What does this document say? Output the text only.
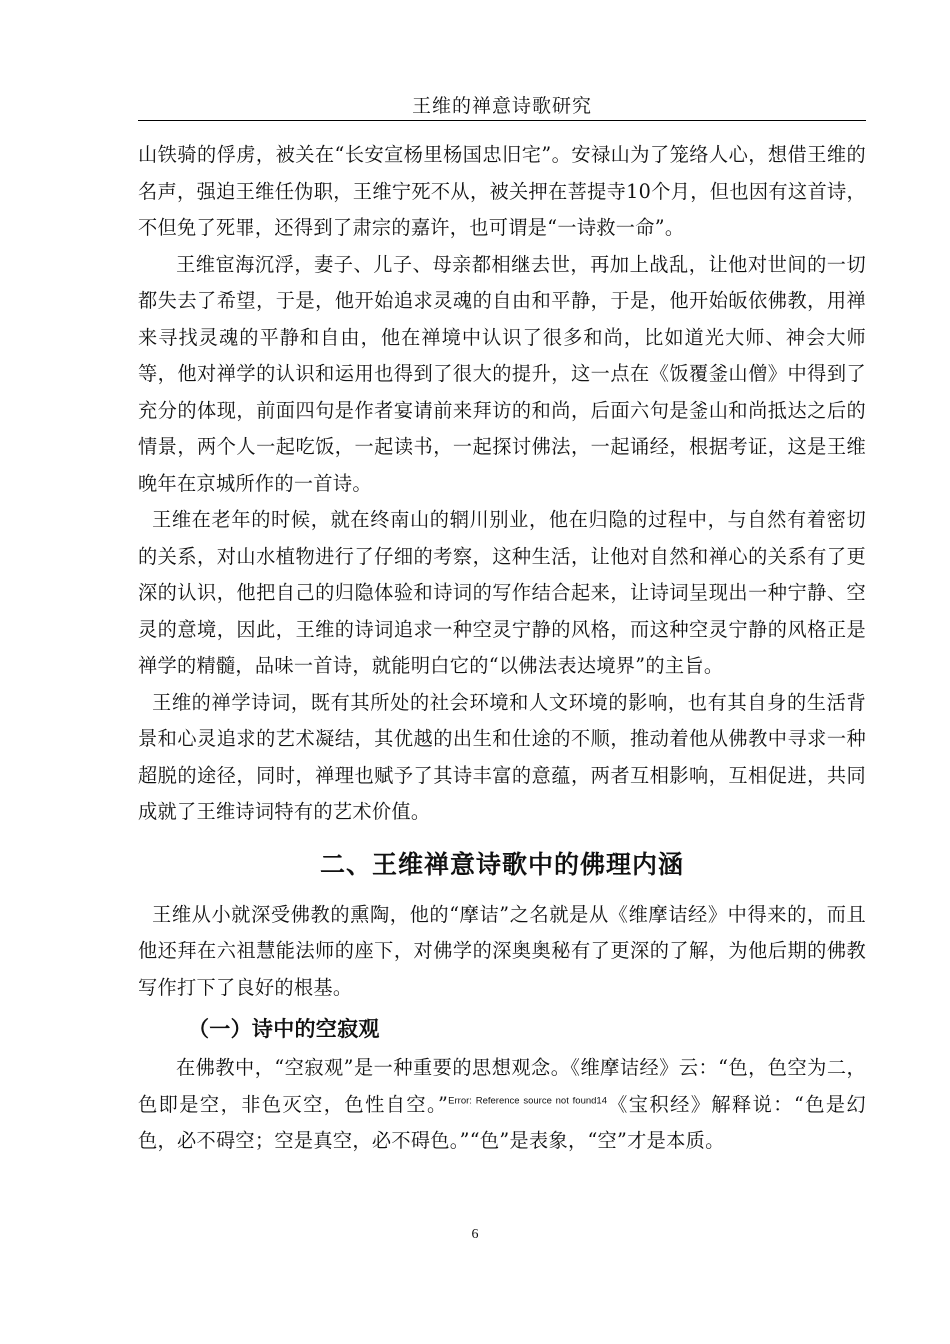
王维的禅意诗歌研究

山铁骑的俘虏，被关在“长安宣杨里杨国忠旧宅”。安禄山为了笼络人心，想借王维的名声，强迫王维任伪职，王维宁死不从，被关押在菩提寺10个月，但也因有这首诗，不但免了死罪，还得到了肃宗的嘉许，也可谓是“一诗救一命”。

王维宦海沉浮，妻子、儿子、母亲都相继去世，再加上战乱，让他对世间的一切都失去了希望，于是，他开始追求灵魂的自由和平静，于是，他开始皈依佛教，用禅来寻找灵魂的平静和自由，他在禅境中认识了很多和尚，比如道光大师、神会大师等，他对禅学的认识和运用也得到了很大的提升，这一点在《饭覆釜山僧》中得到了充分的体现，前面四句是作者宴请前来拜访的和尚，后面六句是釜山和尚抵达之后的情景，两个人一起吃饭，一起读书，一起探讨佛法，一起诵经，根据考证，这是王维晚年在京城所作的一首诗。

王维在老年的时候，就在终南山的辋川别业，他在归隐的过程中，与自然有着密切的关系，对山水植物进行了仔细的考察，这种生活，让他对自然和禅心的关系有了更深的认识，他把自己的归隐体验和诗词的写作结合起来，让诗词呈现出一种宁静、空灵的意境，因此，王维的诗词追求一种空灵宁静的风格，而这种空灵宁静的风格正是禅学的精髓，品味一首诗，就能明白它的“以佛法表达境界”的主旨。

王维的禅学诗词，既有其所处的社会环境和人文环境的影响，也有其自身的生活背景和心灵追求的艺术凝结，其优越的出生和仕途的不顺，推动着他从佛教中寻求一种超脱的途径，同时，禅理也赋予了其诗丰富的意蕴，两者互相影响，互相促进，共同成就了王维诗词特有的艺术价值。

二、王维禅意诗歌中的佛理内涵

王维从小就深受佛教的熏陶，他的“摩诘”之名就是从《维摩诘经》中得来的，而且他还拜在六祖慧能法师的座下，对佛学的深奥奥秘有了更深的了解，为他后期的佛教写作打下了良好的根基。

（一）诗中的空寂观

在佛教中，“空寂观”是一种重要的思想观念。《维摩诘经》云：“色，色空为二，色即是空，非色灭空，色性自空。”$^{Error: Reference source not found14}$《宝积经》解释说：“色是幻色，必不碍空；空是真空，必不碍色。”“色”是表象，“空”才是本质。

6
